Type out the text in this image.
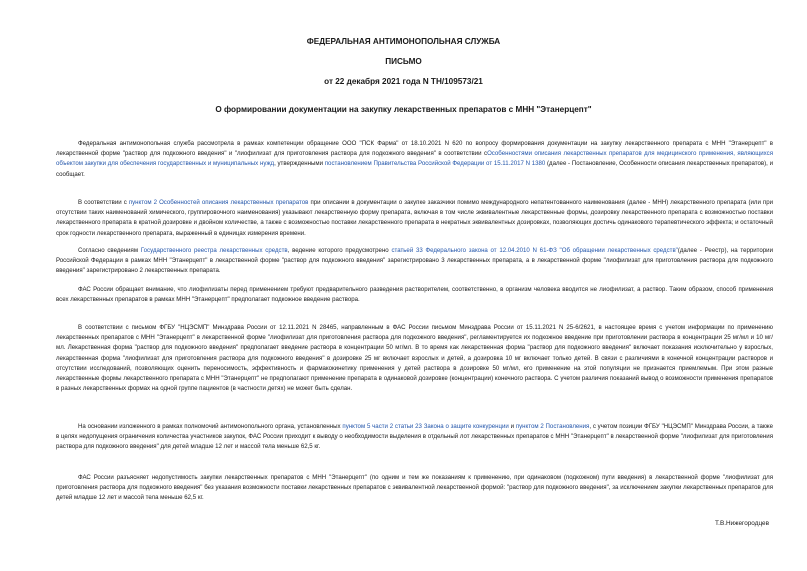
ФЕДЕРАЛЬНАЯ АНТИМОНОПОЛЬНАЯ СЛУЖБА
ПИСЬМО
от 22 декабря 2021 года N ТН/109573/21
О формировании документации на закупку лекарственных препаратов с МНН "Этанерцепт"
Федеральная антимонопольная служба рассмотрела в рамках компетенции обращение ООО "ПСК Фарма" от 18.10.2021 N 620 по вопросу формирования документации на закупку лекарственного препарата с МНН "Этанерцепт" в лекарственной форме "раствор для подкожного введения" и "лиофилизат для приготовления раствора для подкожного введения" в соответствии сОсобенностями описания лекарственных препаратов для медицинского применения, являющихся объектом закупки для обеспечения государственных и муниципальных нужд, утвержденными постановлением Правительства Российской Федерации от 15.11.2017 N 1380 (далее - Постановление, Особенности описания лекарственных препаратов), и сообщает.
В соответствии с пунктом 2 Особенностей описания лекарственных препаратов при описании в документации о закупке заказчики помимо международного непатентованного наименования (далее - МНН) лекарственного препарата (или при отсутствии таких наименований химического, группировочного наименования) указывают лекарственную форму препарата, включая в том числе эквивалентные лекарственные формы, дозировку лекарственного препарата с возможностью поставки лекарственного препарата в кратной дозировке и двойном количестве, а также с возможностью поставки лекарственного препарата в некратных эквивалентных дозировках, позволяющих достичь одинакового терапевтического эффекта; и остаточный срок годности лекарственного препарата, выраженный в единицах измерения времени.
Согласно сведениям Государственного реестра лекарственных средств, ведение которого предусмотрено статьей 33 Федерального закона от 12.04.2010 N 61-ФЗ "Об обращении лекарственных средств"(далее - Реестр), на территории Российской Федерации в рамках МНН "Этанерцепт" в лекарственной форме "раствор для подкожного введения" зарегистрировано 3 лекарственных препарата, а в лекарственной форме "лиофилизат для приготовления раствора для подкожного введения" зарегистрировано 2 лекарственных препарата.
ФАС России обращает внимание, что лиофилизаты перед применением требуют предварительного разведения растворителем, соответственно, в организм человека вводится не лиофилизат, а раствор. Таким образом, способ применения всех лекарственных препаратов в рамках МНН "Этанерцепт" предполагает подкожное введение раствора.
В соответствии с письмом ФГБУ "НЦЭСМП" Минздрава России от 12.11.2021 N 28465, направленным в ФАС России письмом Минздрава России от 15.11.2021 N 25-6/2621, в настоящее время с учетом информации по применению лекарственных препаратов с МНН "Этанерцепт" в лекарственной форме "лиофилизат для приготовления раствора для подкожного введения", регламентируется их подкожное введение при приготовлении раствора в концентрации 25 мг/мл и 10 мг/мл. Лекарственная форма "раствор для подкожного введения" предполагает введение раствора в концентрации 50 мг/мл. В то время как лекарственная форма "раствор для подкожного введения" включает показания исключительно у взрослых, лекарственная форма "лиофилизат для приготовления раствора для подкожного введения" в дозировке 25 мг включает взрослых и детей, а дозировка 10 мг включает только детей. В связи с различиями в конечной концентрации растворов и отсутствии исследований, позволяющих оценить переносимость, эффективность и фармакокинетику применения у детей раствора в дозировке 50 мг/мл, его применение на этой популяции не признается приемлемым. При этом разные лекарственные формы лекарственного препарата с МНН "Этанерцепт" не предполагают применение препарата в одинаковой дозировке (концентрации) конечного раствора. С учетом различия показаний вывод о возможности применения препаратов в разных лекарственных формах на одной группе пациентов (в частности детях) не может быть сделан.
На основании изложенного в рамках полномочий антимонопольного органа, установленных пунктом 5 части 2 статьи 23 Закона о защите конкуренции и пунктом 2 Постановления, с учетом позиции ФГБУ "НЦЭСМП" Минздрава России, а также в целях недопущения ограничения количества участников закупок, ФАС России приходит к выводу о необходимости выделения в отдельный лот лекарственных препаратов с МНН "Этанерцепт" в лекарственной форме "лиофилизат для приготовления раствора для подкожного введения" для детей младше 12 лет и массой тела меньше 62,5 кг.
ФАС России разъясняет недопустимость закупки лекарственных препаратов с МНН "Этанерцепт" (по одним и тем же показаниям к применению, при одинаковом (подкожном) пути введения) в лекарственной форме "лиофилизат для приготовления раствора для подкожного введения" без указания возможности поставки лекарственных препаратов с эквивалентной лекарственной формой: "раствор для подкожного введения", за исключением закупки лекарственных препаратов для детей младше 12 лет и массой тела меньше 62,5 кг.
Т.В.Нижегородцев
